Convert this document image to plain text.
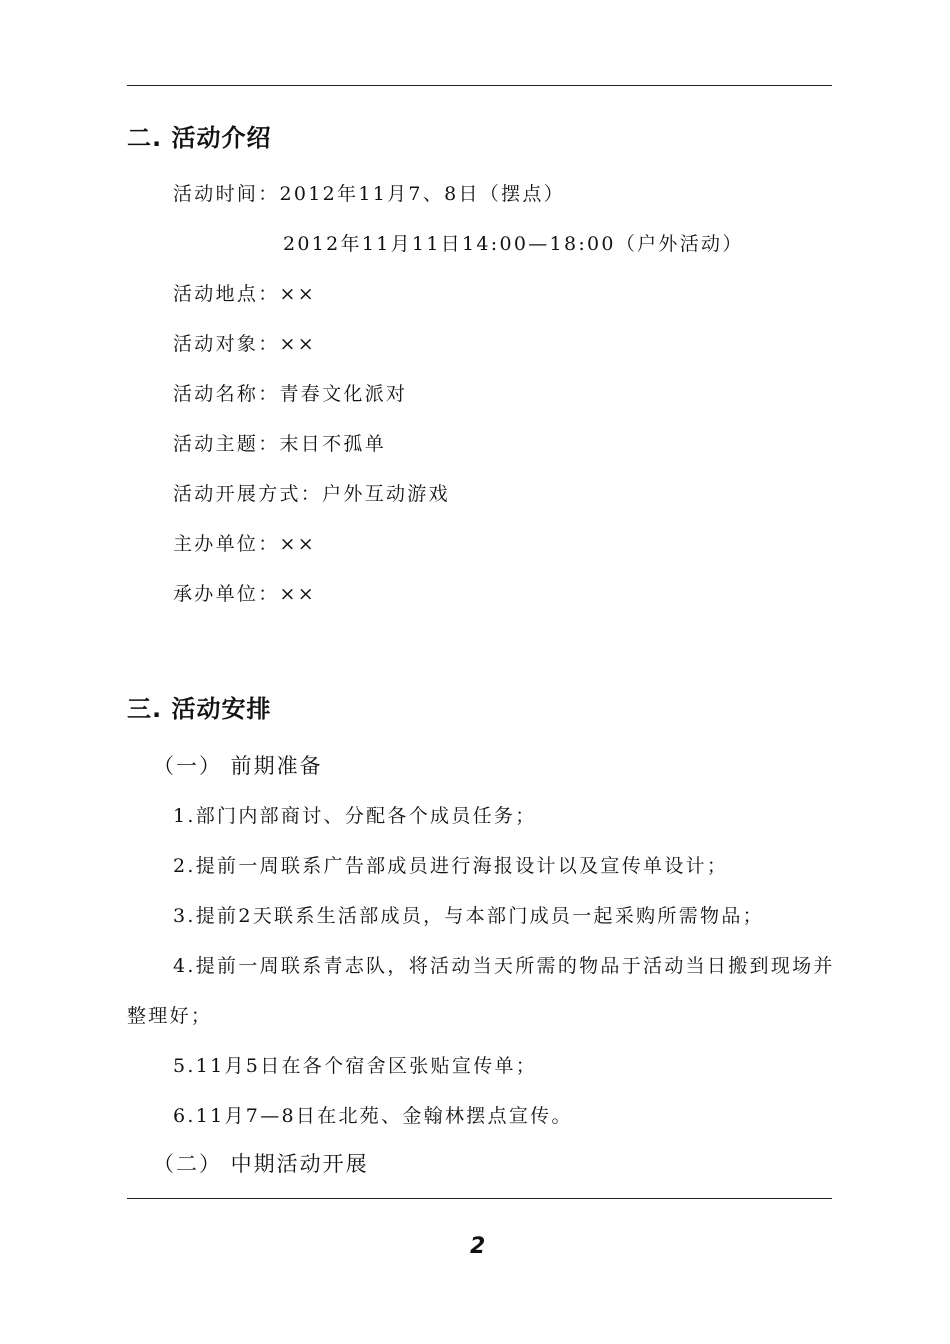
二. 活动介绍
活动时间：2012年11月7、8日（摆点）
2012年11月11日14:00—18:00（户外活动）
活动地点：××
活动对象：××
活动名称：青春文化派对
活动主题：末日不孤单
活动开展方式：户外互动游戏
主办单位：××
承办单位：××
三. 活动安排
（一） 前期准备
1.部门内部商讨、分配各个成员任务；
2.提前一周联系广告部成员进行海报设计以及宣传单设计；
3.提前2天联系生活部成员，与本部门成员一起采购所需物品；
4.提前一周联系青志队，将活动当天所需的物品于活动当日搬到现场并
整理好；
5.11月5日在各个宿舍区张贴宣传单；
6.11月7—8日在北苑、金翰林摆点宣传。
（二） 中期活动开展
2
